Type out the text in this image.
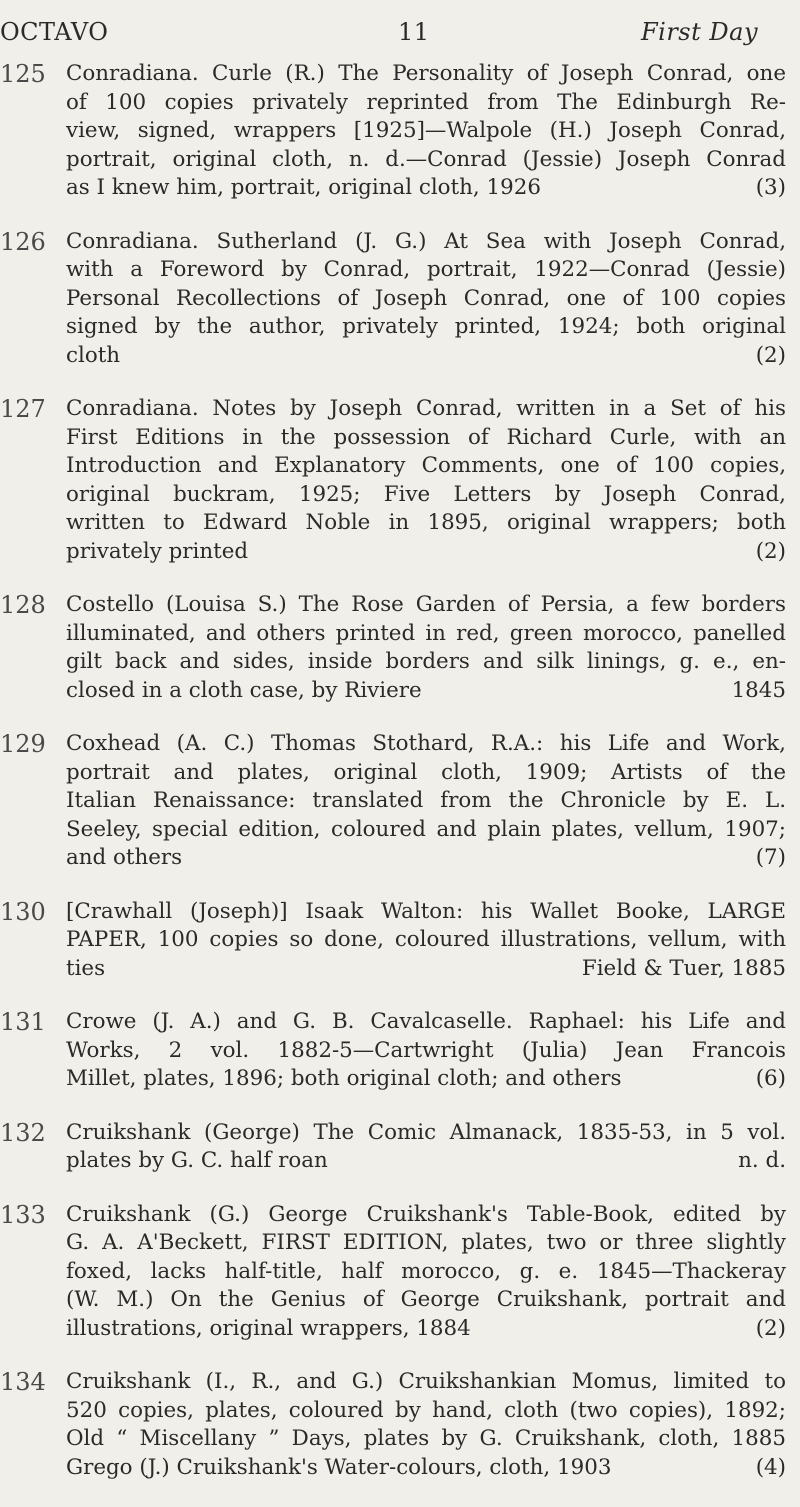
OCTAVO	11	First Day
125 Conradiana. Curle (R.) The Personality of Joseph Conrad, one
of 100 copies privately reprinted from The Edinburgh Re-
view, signed, wrappers [1925]—Walpole (H.) Joseph Conrad,
portrait, original cloth, n. d.—Conrad (Jessie) Joseph Conrad
as I knew him, portrait, original cloth, 1926	(3)
126 Conradiana. Sutherland (J. G.) At Sea with Joseph Conrad,
with a Foreword by Conrad, portrait, 1922—Conrad (Jessie)
Personal Recollections of Joseph Conrad, one of 100 copies
signed by the author, privately printed, 1924; both original
cloth	(2)
127 Conradiana. Notes by Joseph Conrad, written in a Set of his
First Editions in the possession of Richard Curle, with an
Introduction and Explanatory Comments, one of 100 copies,
original buckram, 1925; Five Letters by Joseph Conrad,
written to Edward Noble in 1895, original wrappers; both
privately printed	(2)
128 Costello (Louisa S.) The Rose Garden of Persia, a few borders
illuminated, and others printed in red, green morocco, panelled
gilt back and sides, inside borders and silk linings, g. e., en-
closed in a cloth case, by Riviere	1845
129 Coxhead (A. C.) Thomas Stothard, R.A.: his Life and Work,
portrait and plates, original cloth, 1909; Artists of the
Italian Renaissance: translated from the Chronicle by E. L.
Seeley, special edition, coloured and plain plates, vellum, 1907;
and others	(7)
130 [Crawhall (Joseph)] Isaak Walton: his Wallet Booke, LARGE
PAPER, 100 copies so done, coloured illustrations, vellum, with
ties	Field & Tuer, 1885
131 Crowe (J. A.) and G. B. Cavalcaselle. Raphael: his Life and
Works, 2 vol. 1882-5—Cartwright (Julia) Jean Francois
Millet, plates, 1896; both original cloth; and others	(6)
132 Cruikshank (George) The Comic Almanack, 1835-53, in 5 vol.
plates by G. C. half roan	n. d.
133 Cruikshank (G.) George Cruikshank's Table-Book, edited by
G. A. A'Beckett, FIRST EDITION, plates, two or three slightly
foxed, lacks half-title, half morocco, g. e. 1845—Thackeray
(W. M.) On the Genius of George Cruikshank, portrait and
illustrations, original wrappers, 1884	(2)
134 Cruikshank (I., R., and G.) Cruikshankian Momus, limited to
520 copies, plates, coloured by hand, cloth (two copies), 1892;
Old “ Miscellany ” Days, plates by G. Cruikshank, cloth, 1885
Grego (J.) Cruikshank's Water-colours, cloth, 1903	(4)
